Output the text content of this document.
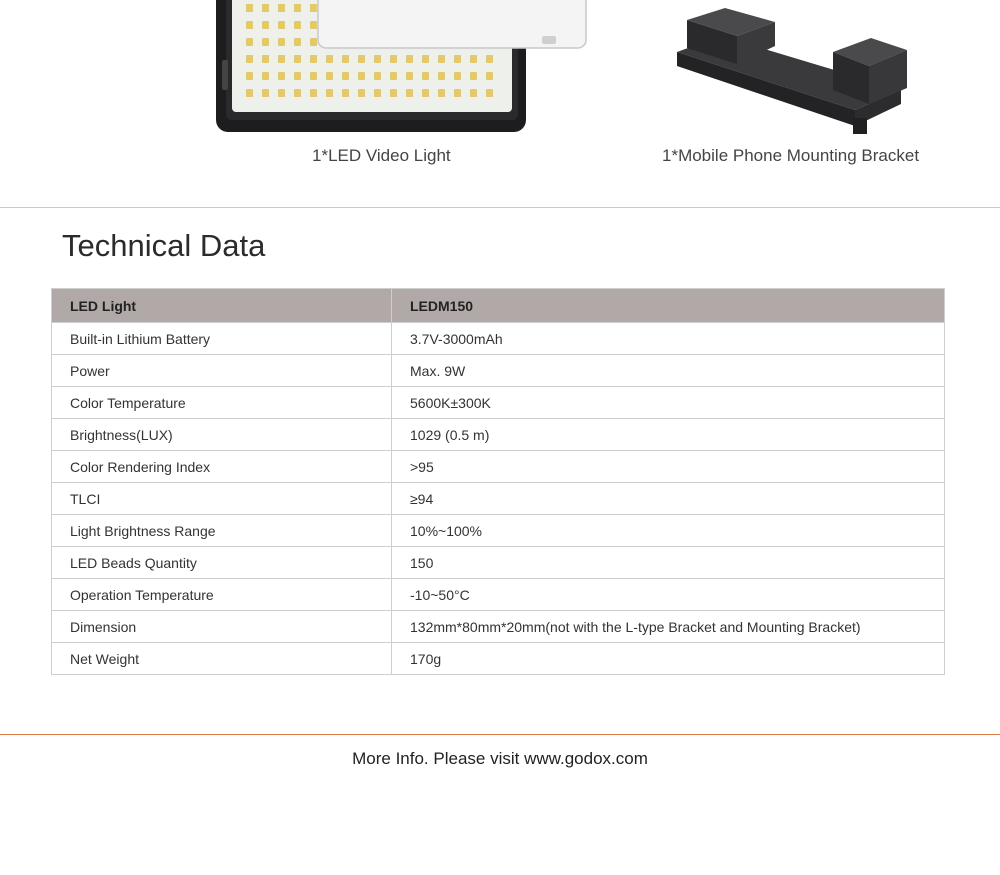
1*LED Video Light	1*Mobile Phone Mounting Bracket
Technical Data
LED Light	LEDM150
Built-in Lithium Battery	3.7V-3000mAh
Power	Max. 9W
Color Temperature	5600K±300K
Brightness(LUX)	1029 (0.5 m)
Color Rendering Index	>95
TLCI	≥94
Light Brightness Range	10%~100%
LED Beads Quantity	150
Operation Temperature	-10~50°C
Dimension	132mm*80mm*20mm(not with the L-type Bracket and Mounting Bracket)
Net Weight	170g
More Info. Please visit www.godox.com
